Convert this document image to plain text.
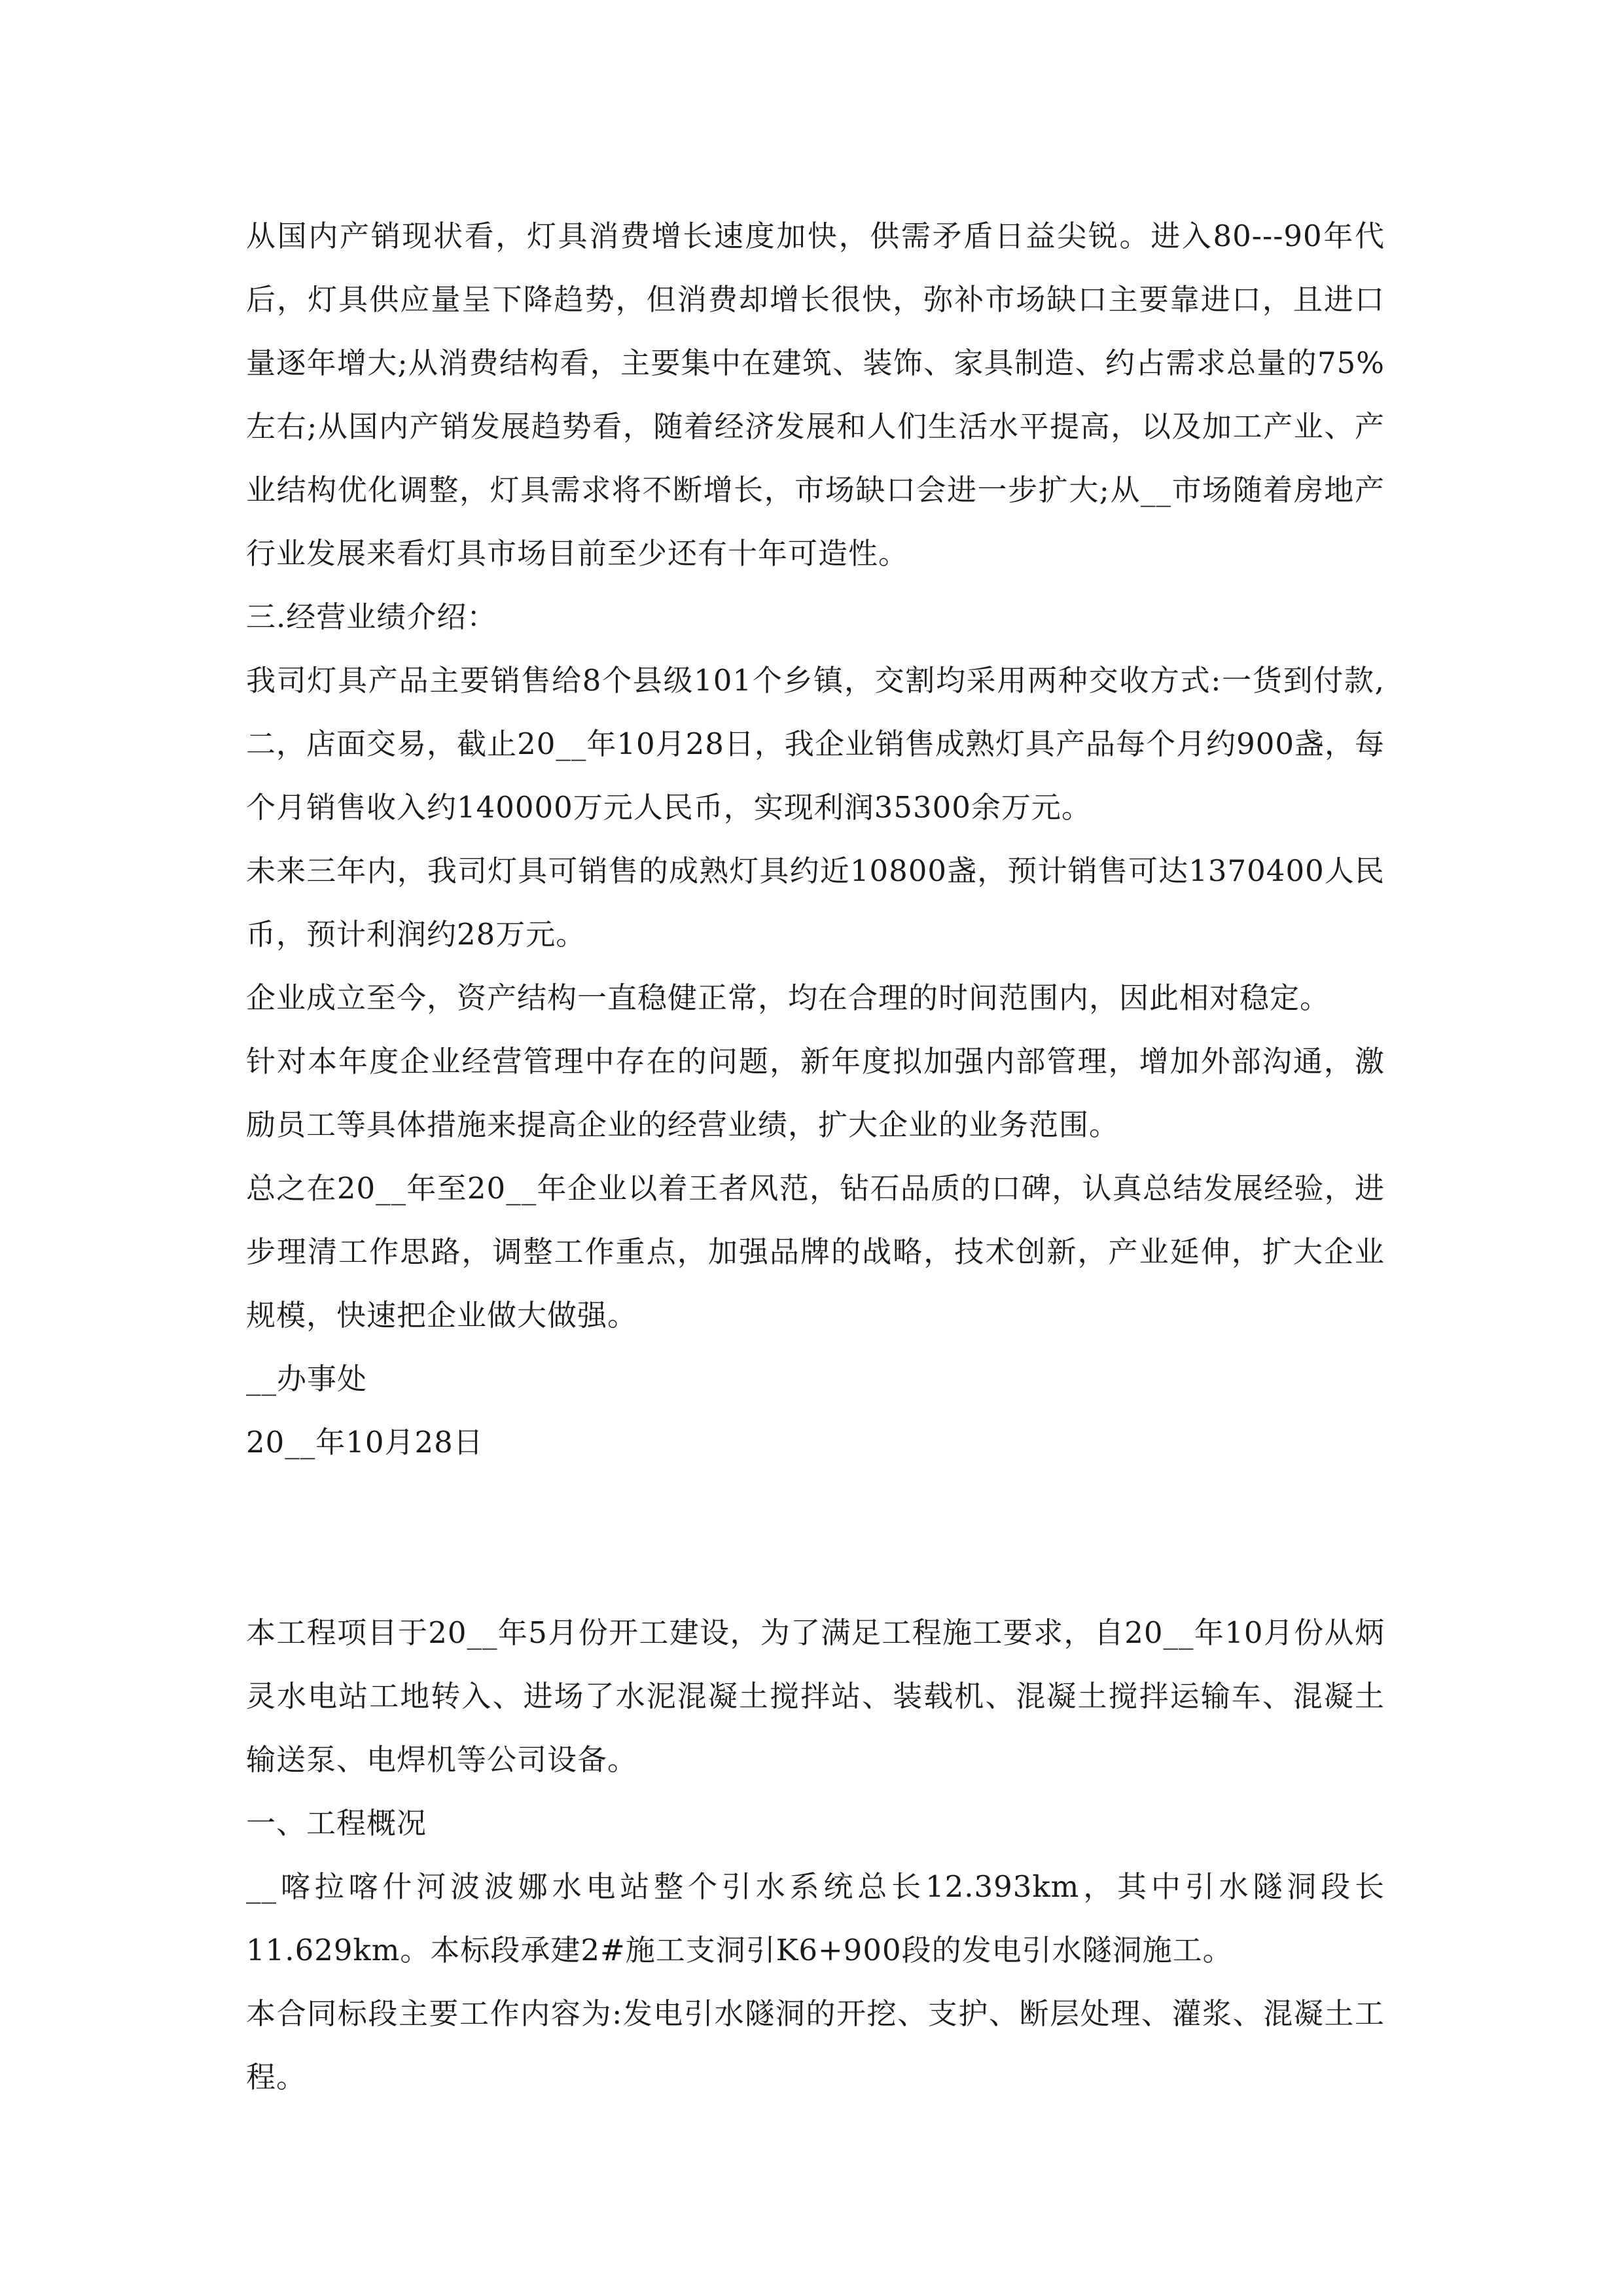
从国内产销现状看，灯具消费增长速度加快，供需矛盾日益尖锐。进入80---90年代后，灯具供应量呈下降趋势，但消费却增长很快，弥补市场缺口主要靠进口，且进口量逐年增大;从消费结构看，主要集中在建筑、装饰、家具制造、约占需求总量的75%左右;从国内产销发展趋势看，随着经济发展和人们生活水平提高，以及加工产业、产业结构优化调整，灯具需求将不断增长，市场缺口会进一步扩大;从__市场随着房地产行业发展来看灯具市场目前至少还有十年可造性。

三.经营业绩介绍：

我司灯具产品主要销售给8个县级101个乡镇，交割均采用两种交收方式:一货到付款,二，店面交易，截止20__年10月28日，我企业销售成熟灯具产品每个月约900盏，每个月销售收入约140000万元人民币，实现利润35300余万元。

未来三年内，我司灯具可销售的成熟灯具约近10800盏，预计销售可达1370400人民币，预计利润约28万元。

企业成立至今，资产结构一直稳健正常，均在合理的时间范围内，因此相对稳定。

针对本年度企业经营管理中存在的问题，新年度拟加强内部管理，增加外部沟通，激励员工等具体措施来提高企业的经营业绩，扩大企业的业务范围。

总之在20__年至20__年企业以着王者风范，钻石品质的口碑，认真总结发展经验，进步理清工作思路，调整工作重点，加强品牌的战略，技术创新，产业延伸，扩大企业规模，快速把企业做大做强。

__办事处

20__年10月28日

本工程项目于20__年5月份开工建设，为了满足工程施工要求，自20__年10月份从炳灵水电站工地转入、进场了水泥混凝土搅拌站、装载机、混凝土搅拌运输车、混凝土输送泵、电焊机等公司设备。

一、工程概况

__喀拉喀什河波波娜水电站整个引水系统总长12.393km，其中引水隧洞段长11.629km。本标段承建2#施工支洞引K6+900段的发电引水隧洞施工。

本合同标段主要工作内容为:发电引水隧洞的开挖、支护、断层处理、灌浆、混凝土工程。
